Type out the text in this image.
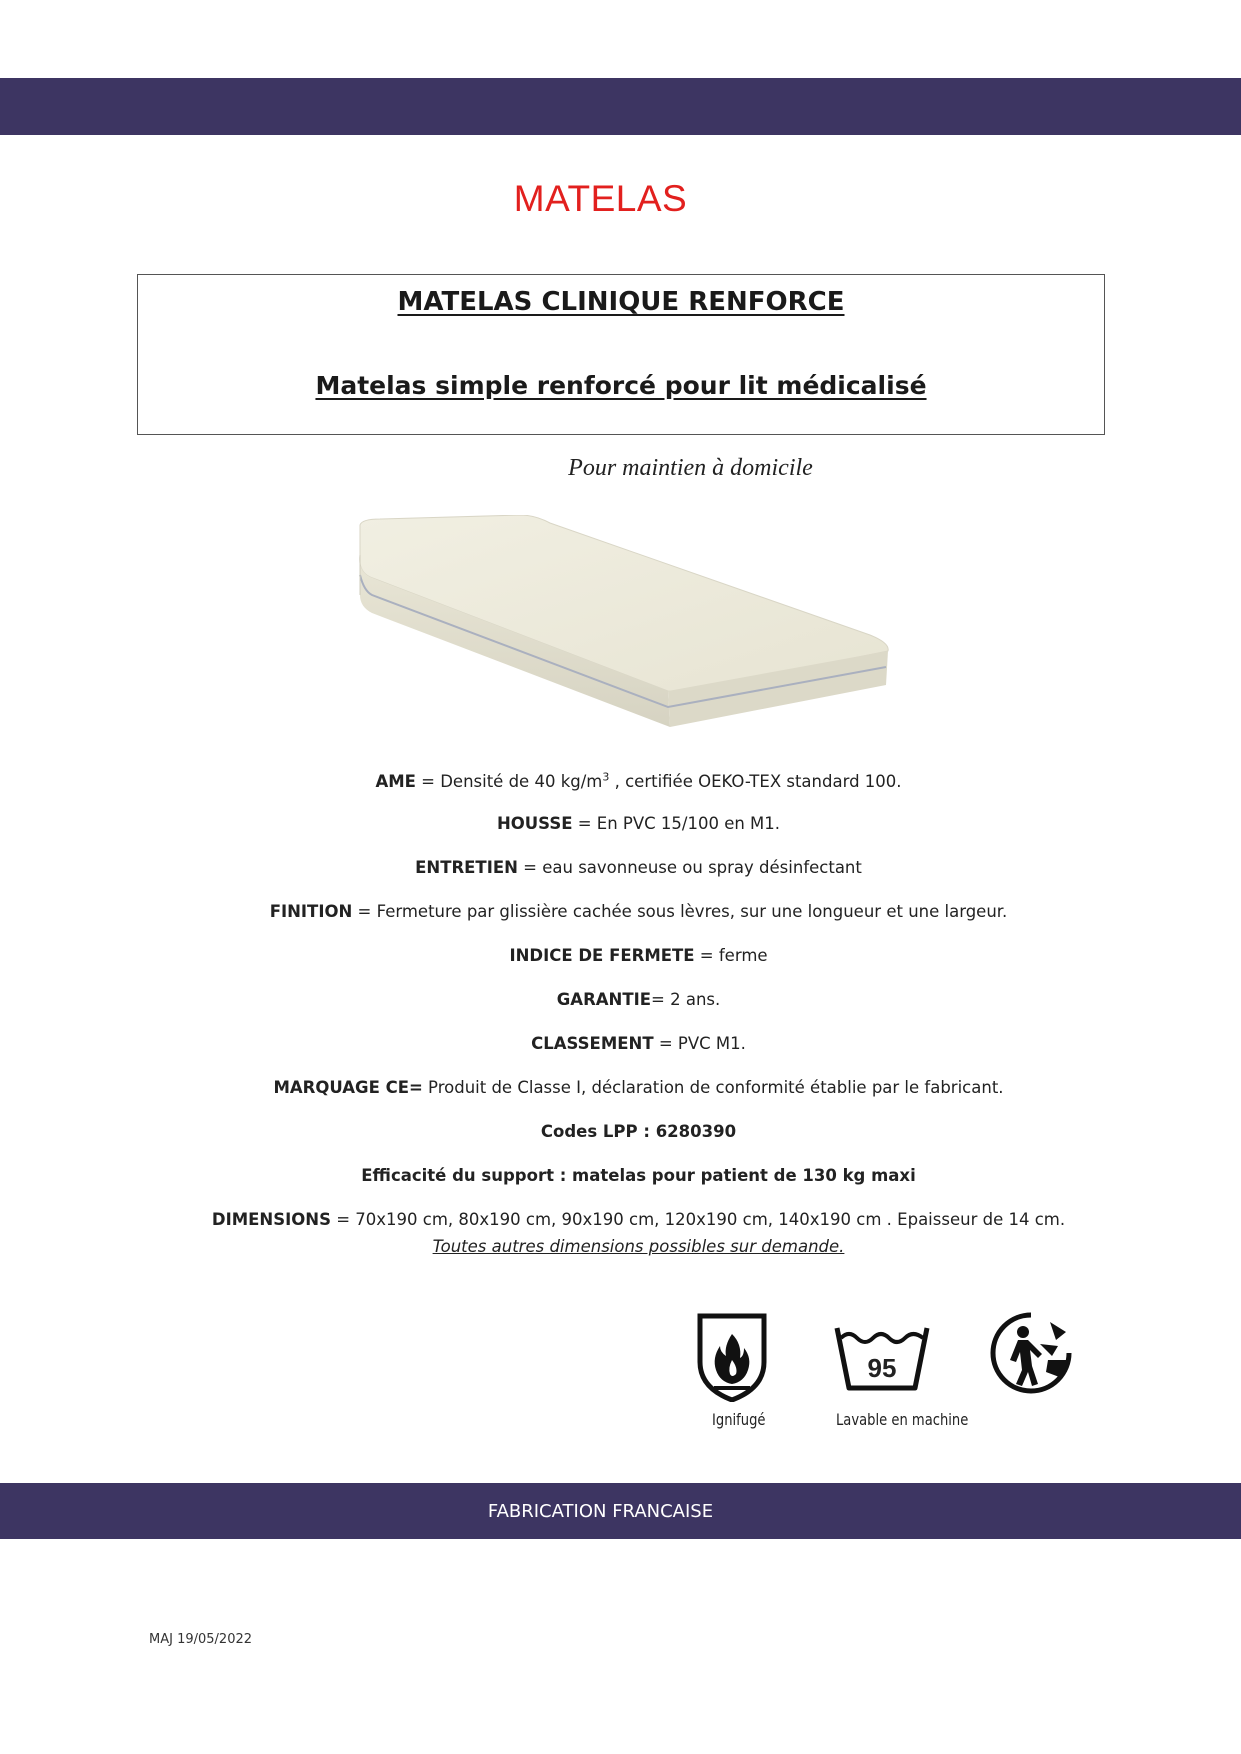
MATELAS
MATELAS CLINIQUE RENFORCE
Matelas simple renforcé pour lit médicalisé
Pour maintien à domicile
AME = Densité de 40 $kg/m^3$ , certifiée OEKO-TEX standard 100.
HOUSSE = En PVC 15/100 en M1.
ENTRETIEN = eau savonneuse ou spray désinfectant
FINITION = Fermeture par glissière cachée sous lèvres, sur une longueur et une largeur.
INDICE DE FERMETE = ferme
GARANTIE= 2 ans.
CLASSEMENT = PVC M1.
MARQUAGE CE= Produit de Classe I, déclaration de conformité établie par le fabricant.
Codes LPP : 6280390
Efficacité du support : matelas pour patient de 130 kg maxi
DIMENSIONS = 70x190 cm, 80x190 cm, 90x190 cm, 120x190 cm, 140x190 cm . Epaisseur de 14 cm.
Toutes autres dimensions possibles sur demande.
Ignifugé
95
Lavable en machine
FABRICATION FRANCAISE
MAJ 19/05/2022
